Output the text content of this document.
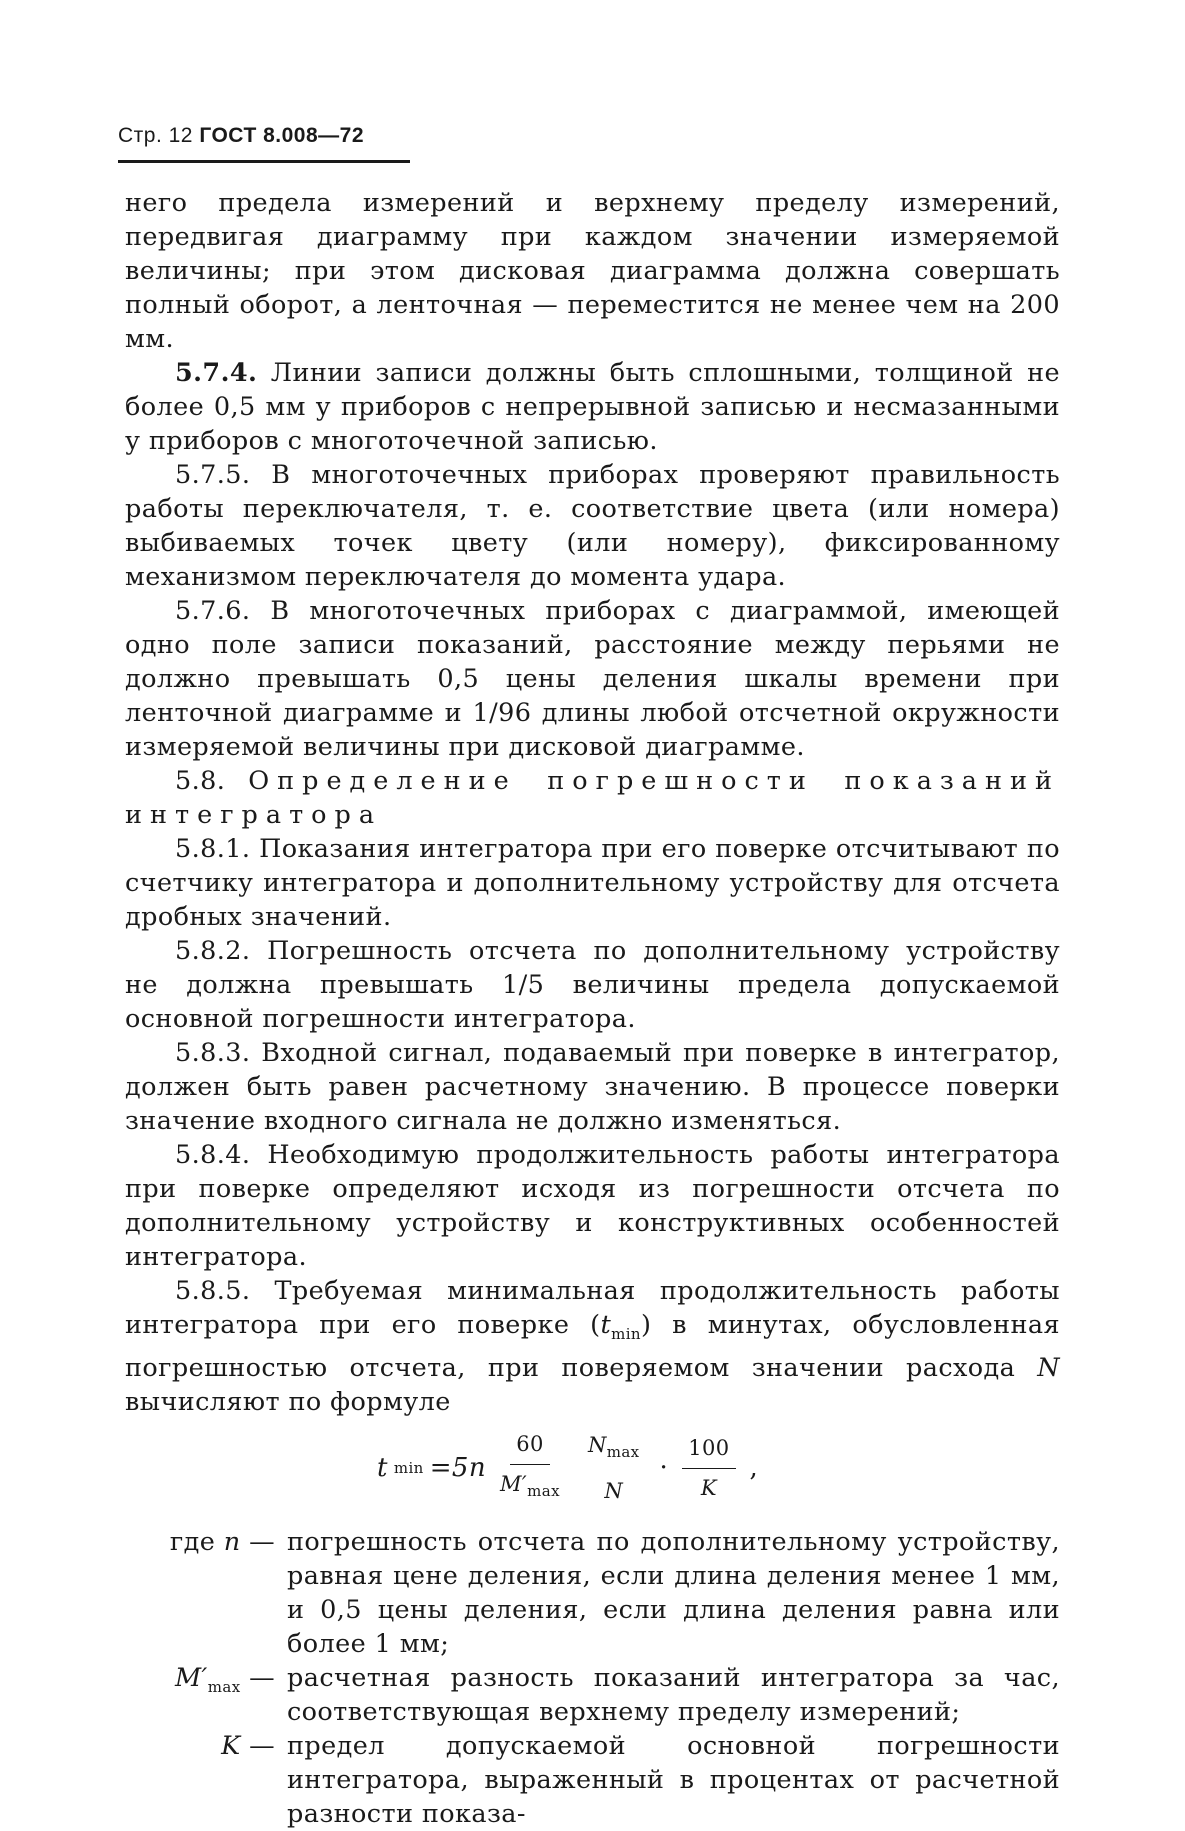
Стр. 12 ГОСТ 8.008—72

него предела измерений и верхнему пределу измерений, передвигая диаграмму при каждом значении измеряемой величины; при этом дисковая диаграмма должна совершать полный оборот, а ленточная — переместится не менее чем на 200 мм.

5.7.4. Линии записи должны быть сплошными, толщиной не более 0,5 мм у приборов с непрерывной записью и несмазанными у приборов с многоточечной записью.

5.7.5. В многоточечных приборах проверяют правильность работы переключателя, т. е. соответствие цвета (или номера) выбиваемых точек цвету (или номеру), фиксированному механизмом переключателя до момента удара.

5.7.6. В многоточечных приборах с диаграммой, имеющей одно поле записи показаний, расстояние между перьями не должно превышать 0,5 цены деления шкалы времени при ленточной диаграмме и 1/96 длины любой отсчетной окружности измеряемой величины при дисковой диаграмме.

5.8. Определение погрешности показаний интегратора

5.8.1. Показания интегратора при его поверке отсчитывают по счетчику интегратора и дополнительному устройству для отсчета дробных значений.

5.8.2. Погрешность отсчета по дополнительному устройству не должна превышать 1/5 величины предела допускаемой основной погрешности интегратора.

5.8.3. Входной сигнал, подаваемый при поверке в интегратор, должен быть равен расчетному значению. В процессе поверки значение входного сигнала не должно изменяться.

5.8.4. Необходимую продолжительность работы интегратора при поверке определяют исходя из погрешности отсчета по дополнительному устройству и конструктивных особенностей интегратора.

5.8.5. Требуемая минимальная продолжительность работы интегратора при его поверке $(t_{min})$ в минутах, обусловленная погрешностью отсчета, при поверяемом значении расхода N вычисляют по формуле

t $\min =5n \frac{60}{M'_{max}} N_{max}$
N
· $\frac{100}{K}$ ,
где n — погрешность отсчета по дополнительному устройству, равная цене деления, если длина деления менее 1 мм, и 0,5 цены деления, если длина деления равна или более 1 мм;
$M'_{max}$ — расчетная разность показаний интегратора за час, соответствующая верхнему пределу измерений;
K — предел допускаемой основной погрешности интегратора, выраженный в процентах от расчетной разности показа-
